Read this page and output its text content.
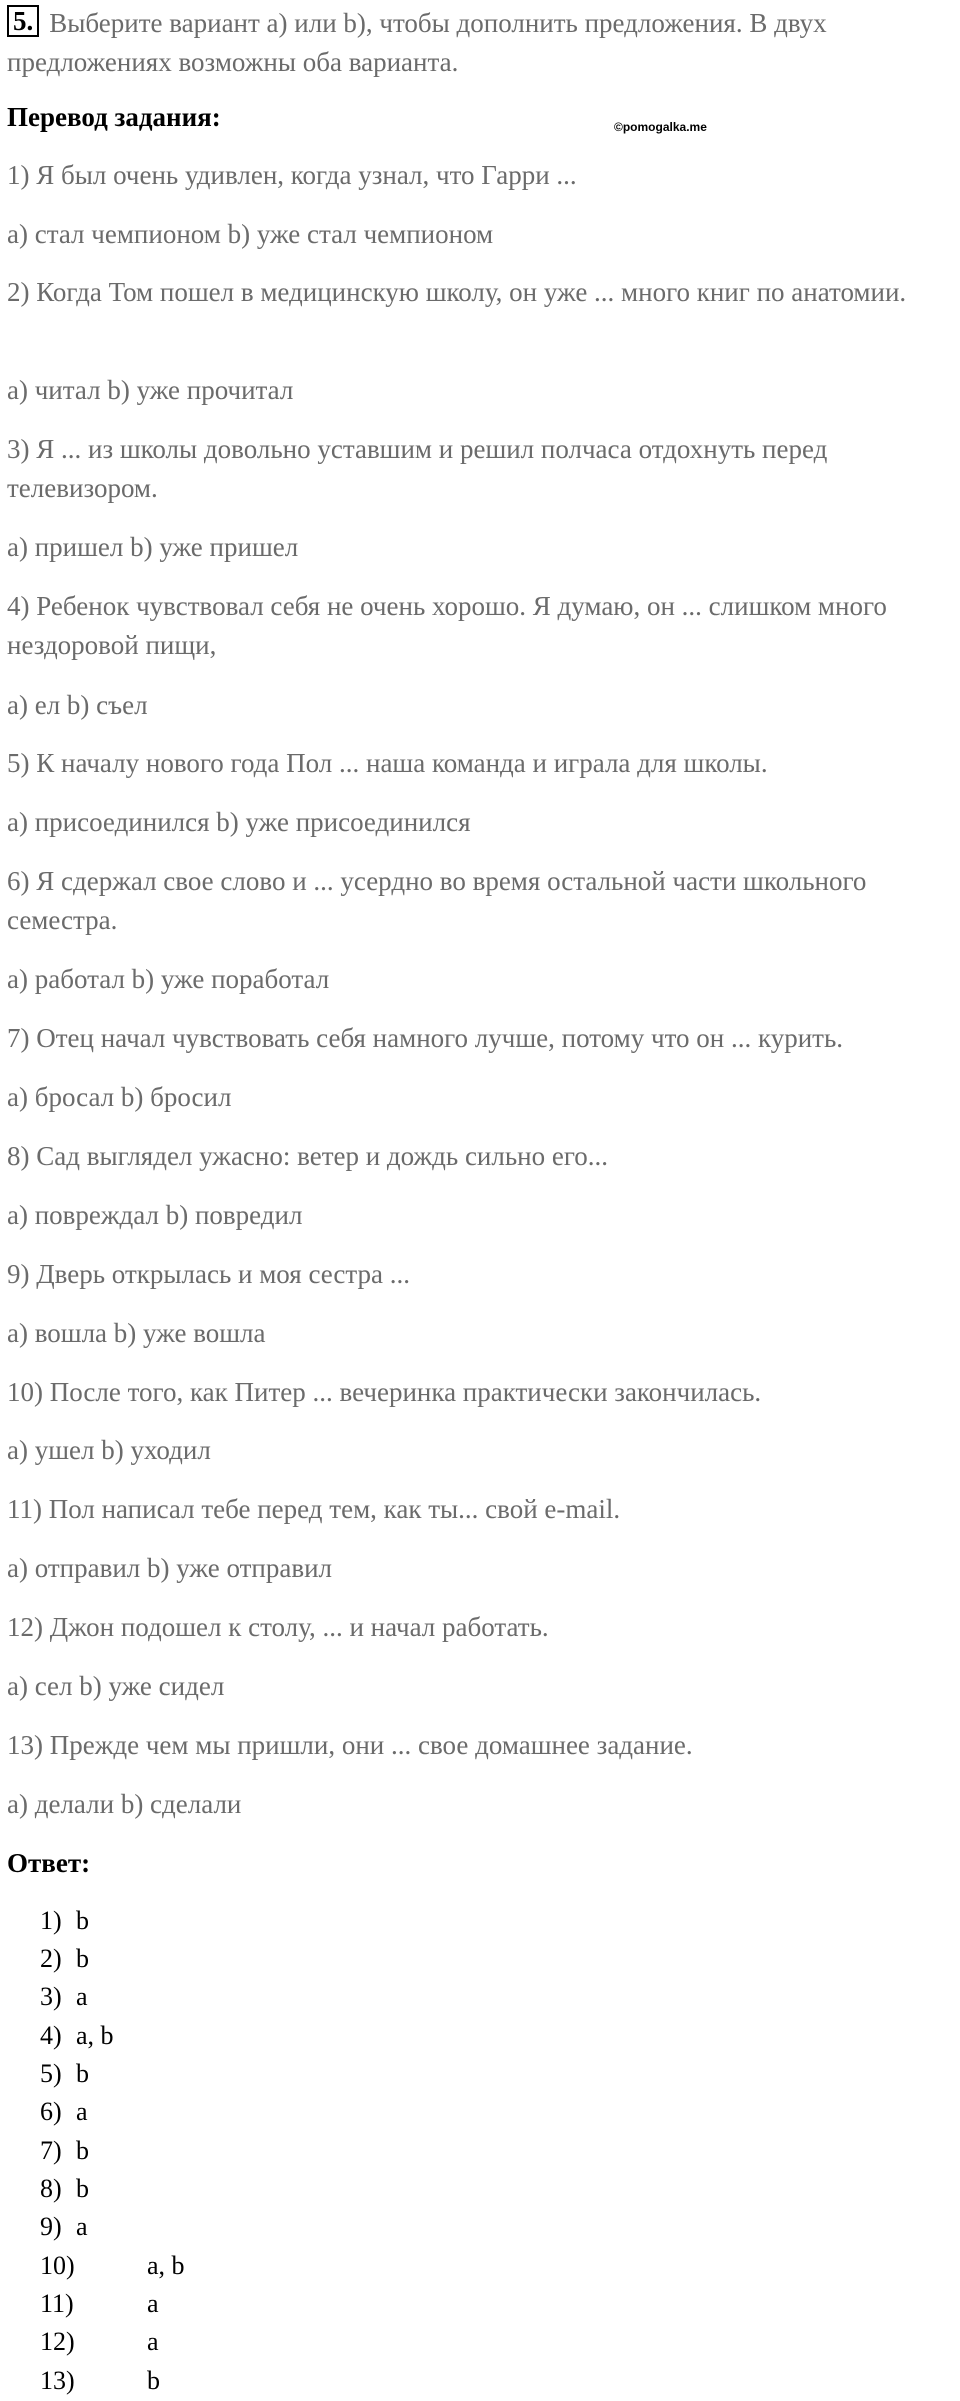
5. Выберите вариант a) или b), чтобы дополнить предложения. В двух предложениях возможны оба варианта.
Перевод задания:	©pomogalka.me

1) Я был очень удивлен, когда узнал, что Гарри ...

а) стал чемпионом b) уже стал чемпионом

2) Когда Том пошел в медицинскую школу, он уже ... много книг по анатомии.

а) читал b) уже прочитал

3) Я ... из школы довольно уставшим и решил полчаса отдохнуть перед телевизором.

а) пришел b) уже пришел

4) Ребенок чувствовал себя не очень хорошо. Я думаю, он ... слишком много нездоровой пищи,

а) ел b) съел

5) К началу нового года Пол ... наша команда и играла для школы.

а) присоединился b) уже присоединился

6) Я сдержал свое слово и ... усердно во время остальной части школьного семестра.

а) работал b) уже поработал

7) Отец начал чувствовать себя намного лучше, потому что он ... курить.

а) бросал b) бросил

8) Сад выглядел ужасно: ветер и дождь сильно его...

а) повреждал b) повредил

9) Дверь открылась и моя сестра ...

а) вошла b) уже вошла

10) После того, как Питер ... вечеринка практически закончилась.

а) ушел b) уходил

11) Пол написал тебе перед тем, как ты... свой e-mail.

а) отправил b) уже отправил

12) Джон подошел к столу, ... и начал работать.

а) сел b) уже сидел

13) Прежде чем мы пришли, они ... свое домашнее задание.

а) делали b) сделали

Ответ:
1) b
2) b
3) a
4) a, b
5) b
6) a
7) b
8) b
9) a
10)	a, b
11)	a
12)	a
13)	b
